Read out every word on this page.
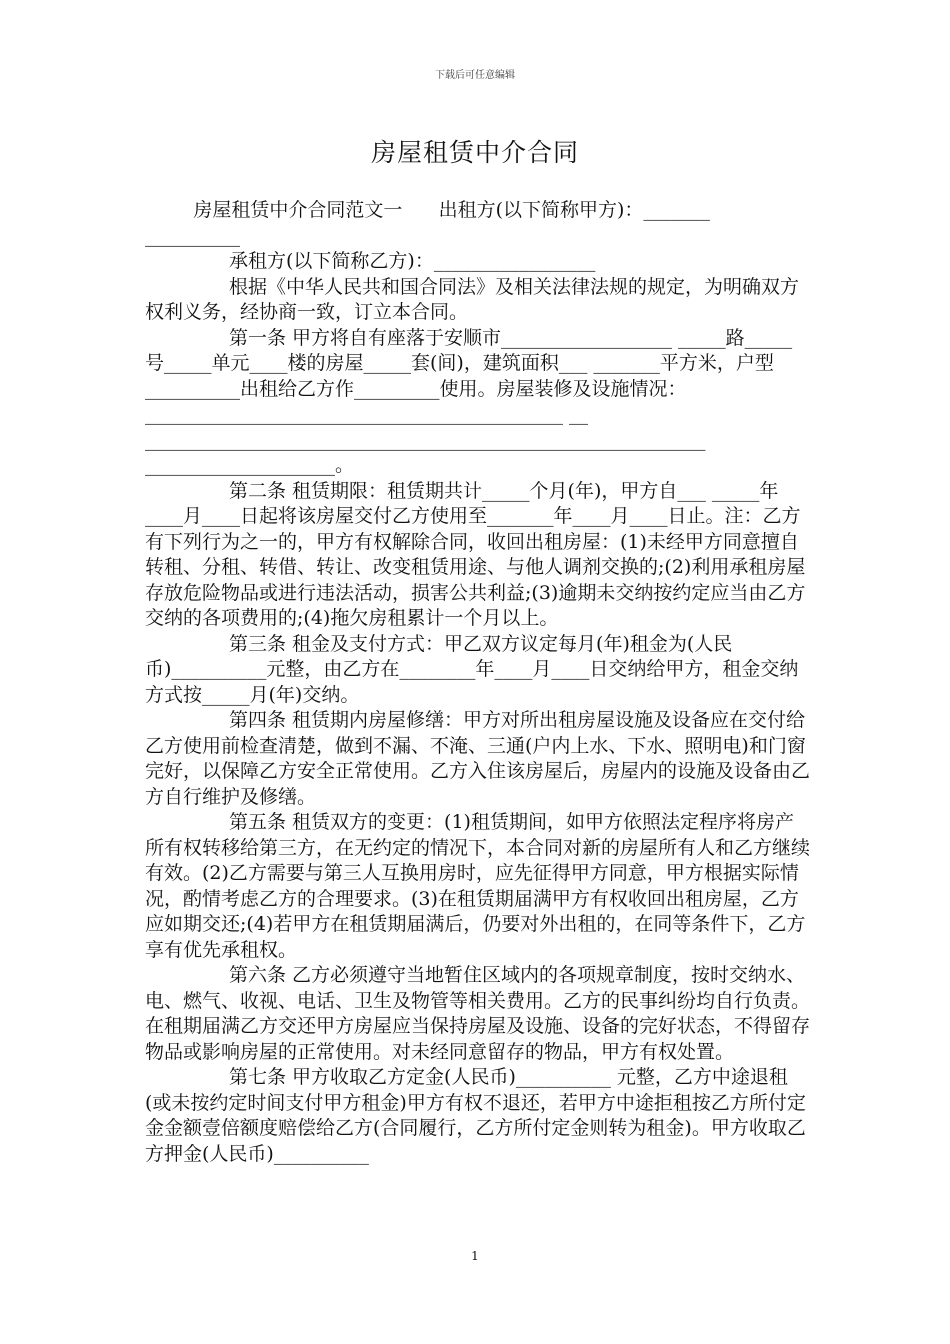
下载后可任意编辑
房屋租赁中介合同

房屋租赁中介合同范文一      出租方(以下简称甲方)：_______ __________

承租方(以下简称乙方)：_________________

根据《中华人民共和国合同法》及相关法律法规的规定，为明确双方权利义务，经协商一致，订立本合同。

第一条 甲方将自有座落于安顺市__________________ _____路_____号_____单元____楼的房屋_____套(间)，建筑面积___ _______平方米，户型__________出租给乙方作_________使用。房屋装修及设施情况：____________________________________________ __ ___________________________________________________________ ____________________。

第二条 租赁期限：租赁期共计_____个月(年)，甲方自___ _____年____月____日起将该房屋交付乙方使用至_______年____月____日止。注：乙方有下列行为之一的，甲方有权解除合同，收回出租房屋：(1)未经甲方同意擅自转租、分租、转借、转让、改变租赁用途、与他人调剂交换的;(2)利用承租房屋存放危险物品或进行违法活动，损害公共利益;(3)逾期未交纳按约定应当由乙方交纳的各项费用的;(4)拖欠房租累计一个月以上。

第三条 租金及支付方式：甲乙双方议定每月(年)租金为(人民币)__________元整，由乙方在________年____月____日交纳给甲方，租金交纳方式按_____月(年)交纳。

第四条 租赁期内房屋修缮：甲方对所出租房屋设施及设备应在交付给乙方使用前检查清楚，做到不漏、不淹、三通(户内上水、下水、照明电)和门窗完好，以保障乙方安全正常使用。乙方入住该房屋后，房屋内的设施及设备由乙方自行维护及修缮。

第五条 租赁双方的变更：(1)租赁期间，如甲方依照法定程序将房产所有权转移给第三方，在无约定的情况下，本合同对新的房屋所有人和乙方继续有效。(2)乙方需要与第三人互换用房时，应先征得甲方同意，甲方根据实际情况，酌情考虑乙方的合理要求。(3)在租赁期届满甲方有权收回出租房屋，乙方应如期交还;(4)若甲方在租赁期届满后，仍要对外出租的，在同等条件下，乙方享有优先承租权。

第六条 乙方必须遵守当地暂住区域内的各项规章制度，按时交纳水、电、燃气、收视、电话、卫生及物管等相关费用。乙方的民事纠纷均自行负责。在租期届满乙方交还甲方房屋应当保持房屋及设施、设备的完好状态，不得留存物品或影响房屋的正常使用。对未经同意留存的物品，甲方有权处置。

第七条 甲方收取乙方定金(人民币)__________ 元整，乙方中途退租(或未按约定时间支付甲方租金)甲方有权不退还，若甲方中途拒租按乙方所付定金金额壹倍额度赔偿给乙方(合同履行，乙方所付定金则转为租金)。甲方收取乙方押金(人民币)__________

1
